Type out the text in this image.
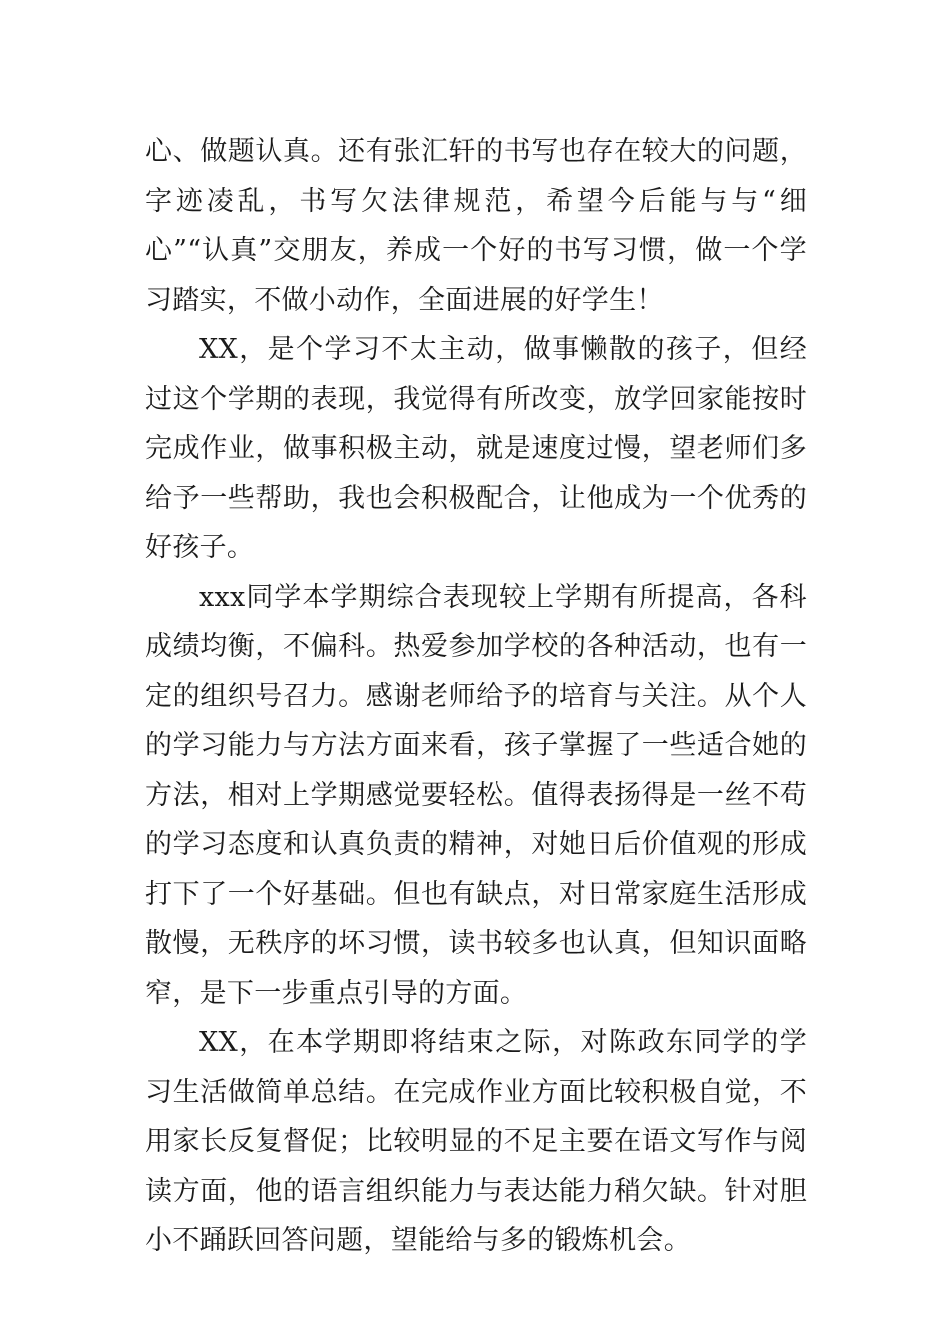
心、做题认真。还有张汇轩的书写也存在较大的问题，字迹凌乱，书写欠法律规范，希望今后能与与“细心”“认真”交朋友，养成一个好的书写习惯，做一个学习踏实，不做小动作，全面进展的好学生！

XX，是个学习不太主动，做事懒散的孩子，但经过这个学期的表现，我觉得有所改变，放学回家能按时完成作业，做事积极主动，就是速度过慢，望老师们多给予一些帮助，我也会积极配合，让他成为一个优秀的好孩子。

xxx同学本学期综合表现较上学期有所提高，各科成绩均衡，不偏科。热爱参加学校的各种活动，也有一定的组织号召力。感谢老师给予的培育与关注。从个人的学习能力与方法方面来看，孩子掌握了一些适合她的方法，相对上学期感觉要轻松。值得表扬得是一丝不苟的学习态度和认真负责的精神，对她日后价值观的形成打下了一个好基础。但也有缺点，对日常家庭生活形成散慢，无秩序的坏习惯，读书较多也认真，但知识面略窄，是下一步重点引导的方面。

XX，在本学期即将结束之际，对陈政东同学的学习生活做简单总结。在完成作业方面比较积极自觉，不用家长反复督促；比较明显的不足主要在语文写作与阅读方面，他的语言组织能力与表达能力稍欠缺。针对胆小不踊跃回答问题，望能给与多的锻炼机会。
